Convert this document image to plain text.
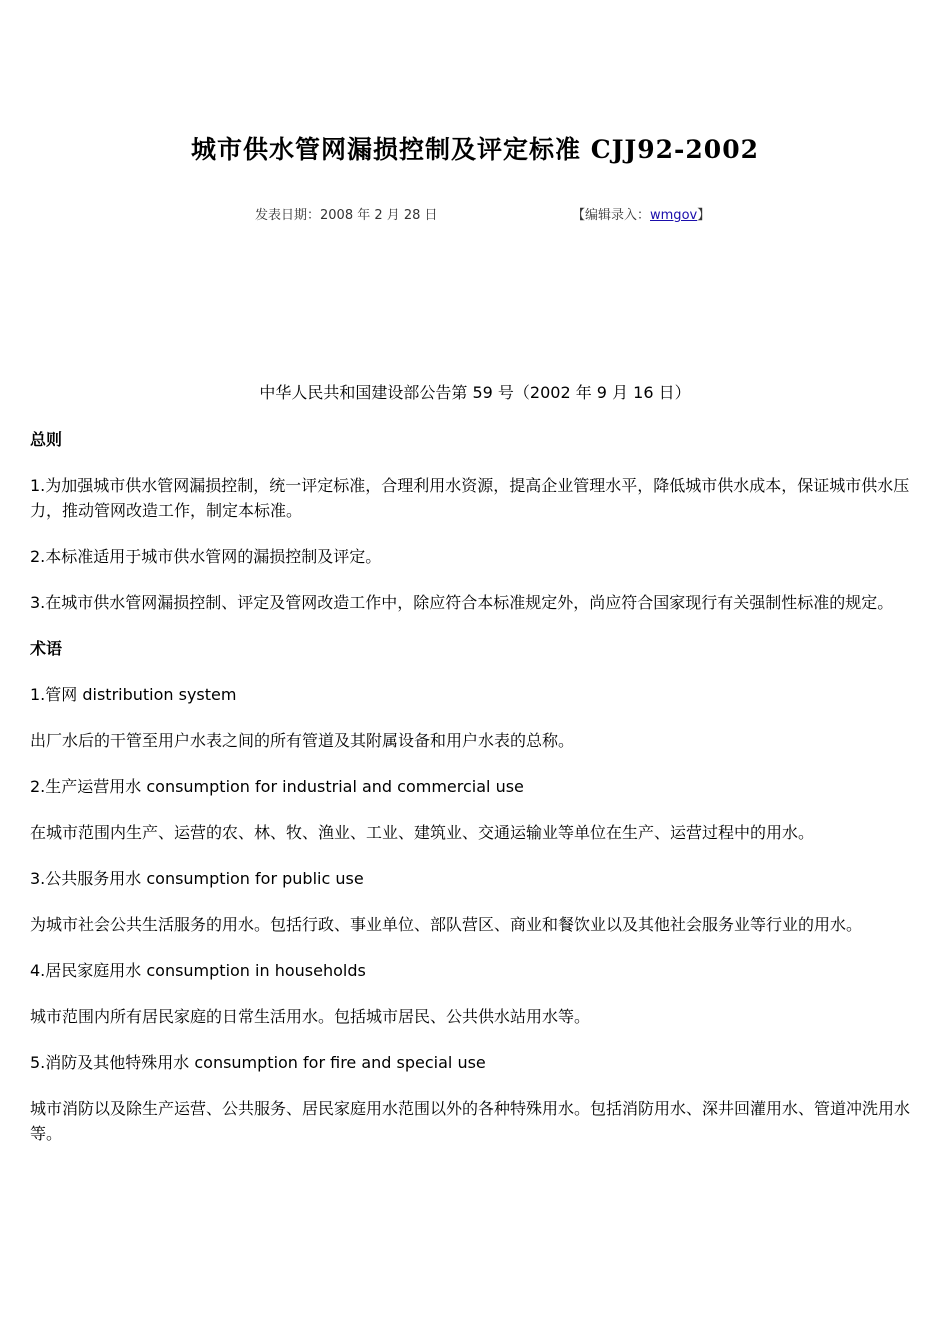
城市供水管网漏损控制及评定标准 CJJ92-2002
发表日期：2008 年 2 月 28 日	【编辑录入：wmgov】
中华人民共和国建设部公告第 59 号（2002 年 9 月 16 日）

总则

1.为加强城市供水管网漏损控制，统一评定标准，合理利用水资源，提高企业管理水平，降低城市供水成本，保证城市供水压力，推动管网改造工作，制定本标准。

2.本标准适用于城市供水管网的漏损控制及评定。

3.在城市供水管网漏损控制、评定及管网改造工作中，除应符合本标准规定外，尚应符合国家现行有关强制性标准的规定。

术语

1.管网 distribution system

出厂水后的干管至用户水表之间的所有管道及其附属设备和用户水表的总称。

2.生产运营用水 consumption for industrial and commercial use

在城市范围内生产、运营的农、林、牧、渔业、工业、建筑业、交通运输业等单位在生产、运营过程中的用水。

3.公共服务用水 consumption for public use

为城市社会公共生活服务的用水。包括行政、事业单位、部队营区、商业和餐饮业以及其他社会服务业等行业的用水。

4.居民家庭用水 consumption in households

城市范围内所有居民家庭的日常生活用水。包括城市居民、公共供水站用水等。

5.消防及其他特殊用水 consumption for fire and special use

城市消防以及除生产运营、公共服务、居民家庭用水范围以外的各种特殊用水。包括消防用水、深井回灌用水、管道冲洗用水等。
